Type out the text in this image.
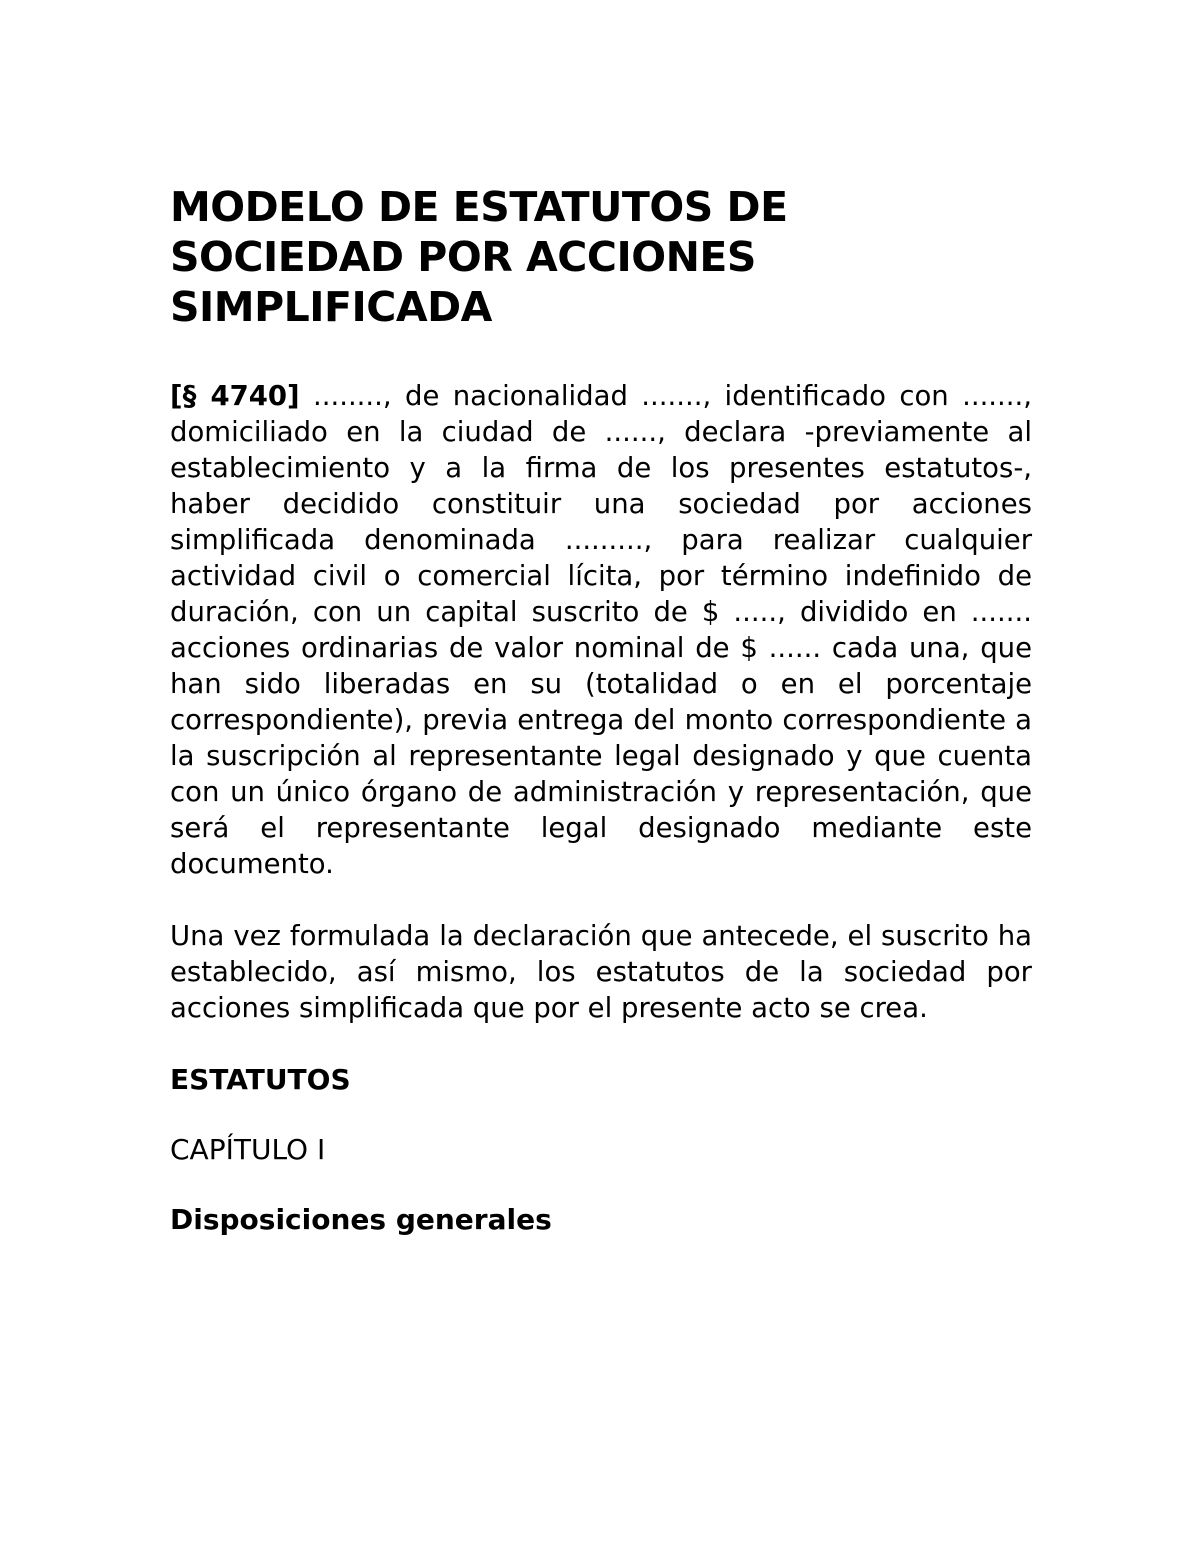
MODELO DE ESTATUTOS DE SOCIEDAD POR ACCIONES SIMPLIFICADA

[§ 4740] ........, de nacionalidad ......., identificado con ......., domiciliado en la ciudad de ......, declara -previamente al establecimiento y a la firma de los presentes estatutos-, haber decidido constituir una sociedad por acciones simplificada denominada ........., para realizar cualquier actividad civil o comercial lícita, por término indefinido de duración, con un capital suscrito de $ ....., dividido en ....... acciones ordinarias de valor nominal de $ ...... cada una, que han sido liberadas en su (totalidad o en el porcentaje correspondiente), previa entrega del monto correspondiente a la suscripción al representante legal designado y que cuenta con un único órgano de administración y representación, que será el representante legal designado mediante este documento.

Una vez formulada la declaración que antecede, el suscrito ha establecido, así mismo, los estatutos de la sociedad por acciones simplificada que por el presente acto se crea.

ESTATUTOS
CAPÍTULO I
Disposiciones generales
